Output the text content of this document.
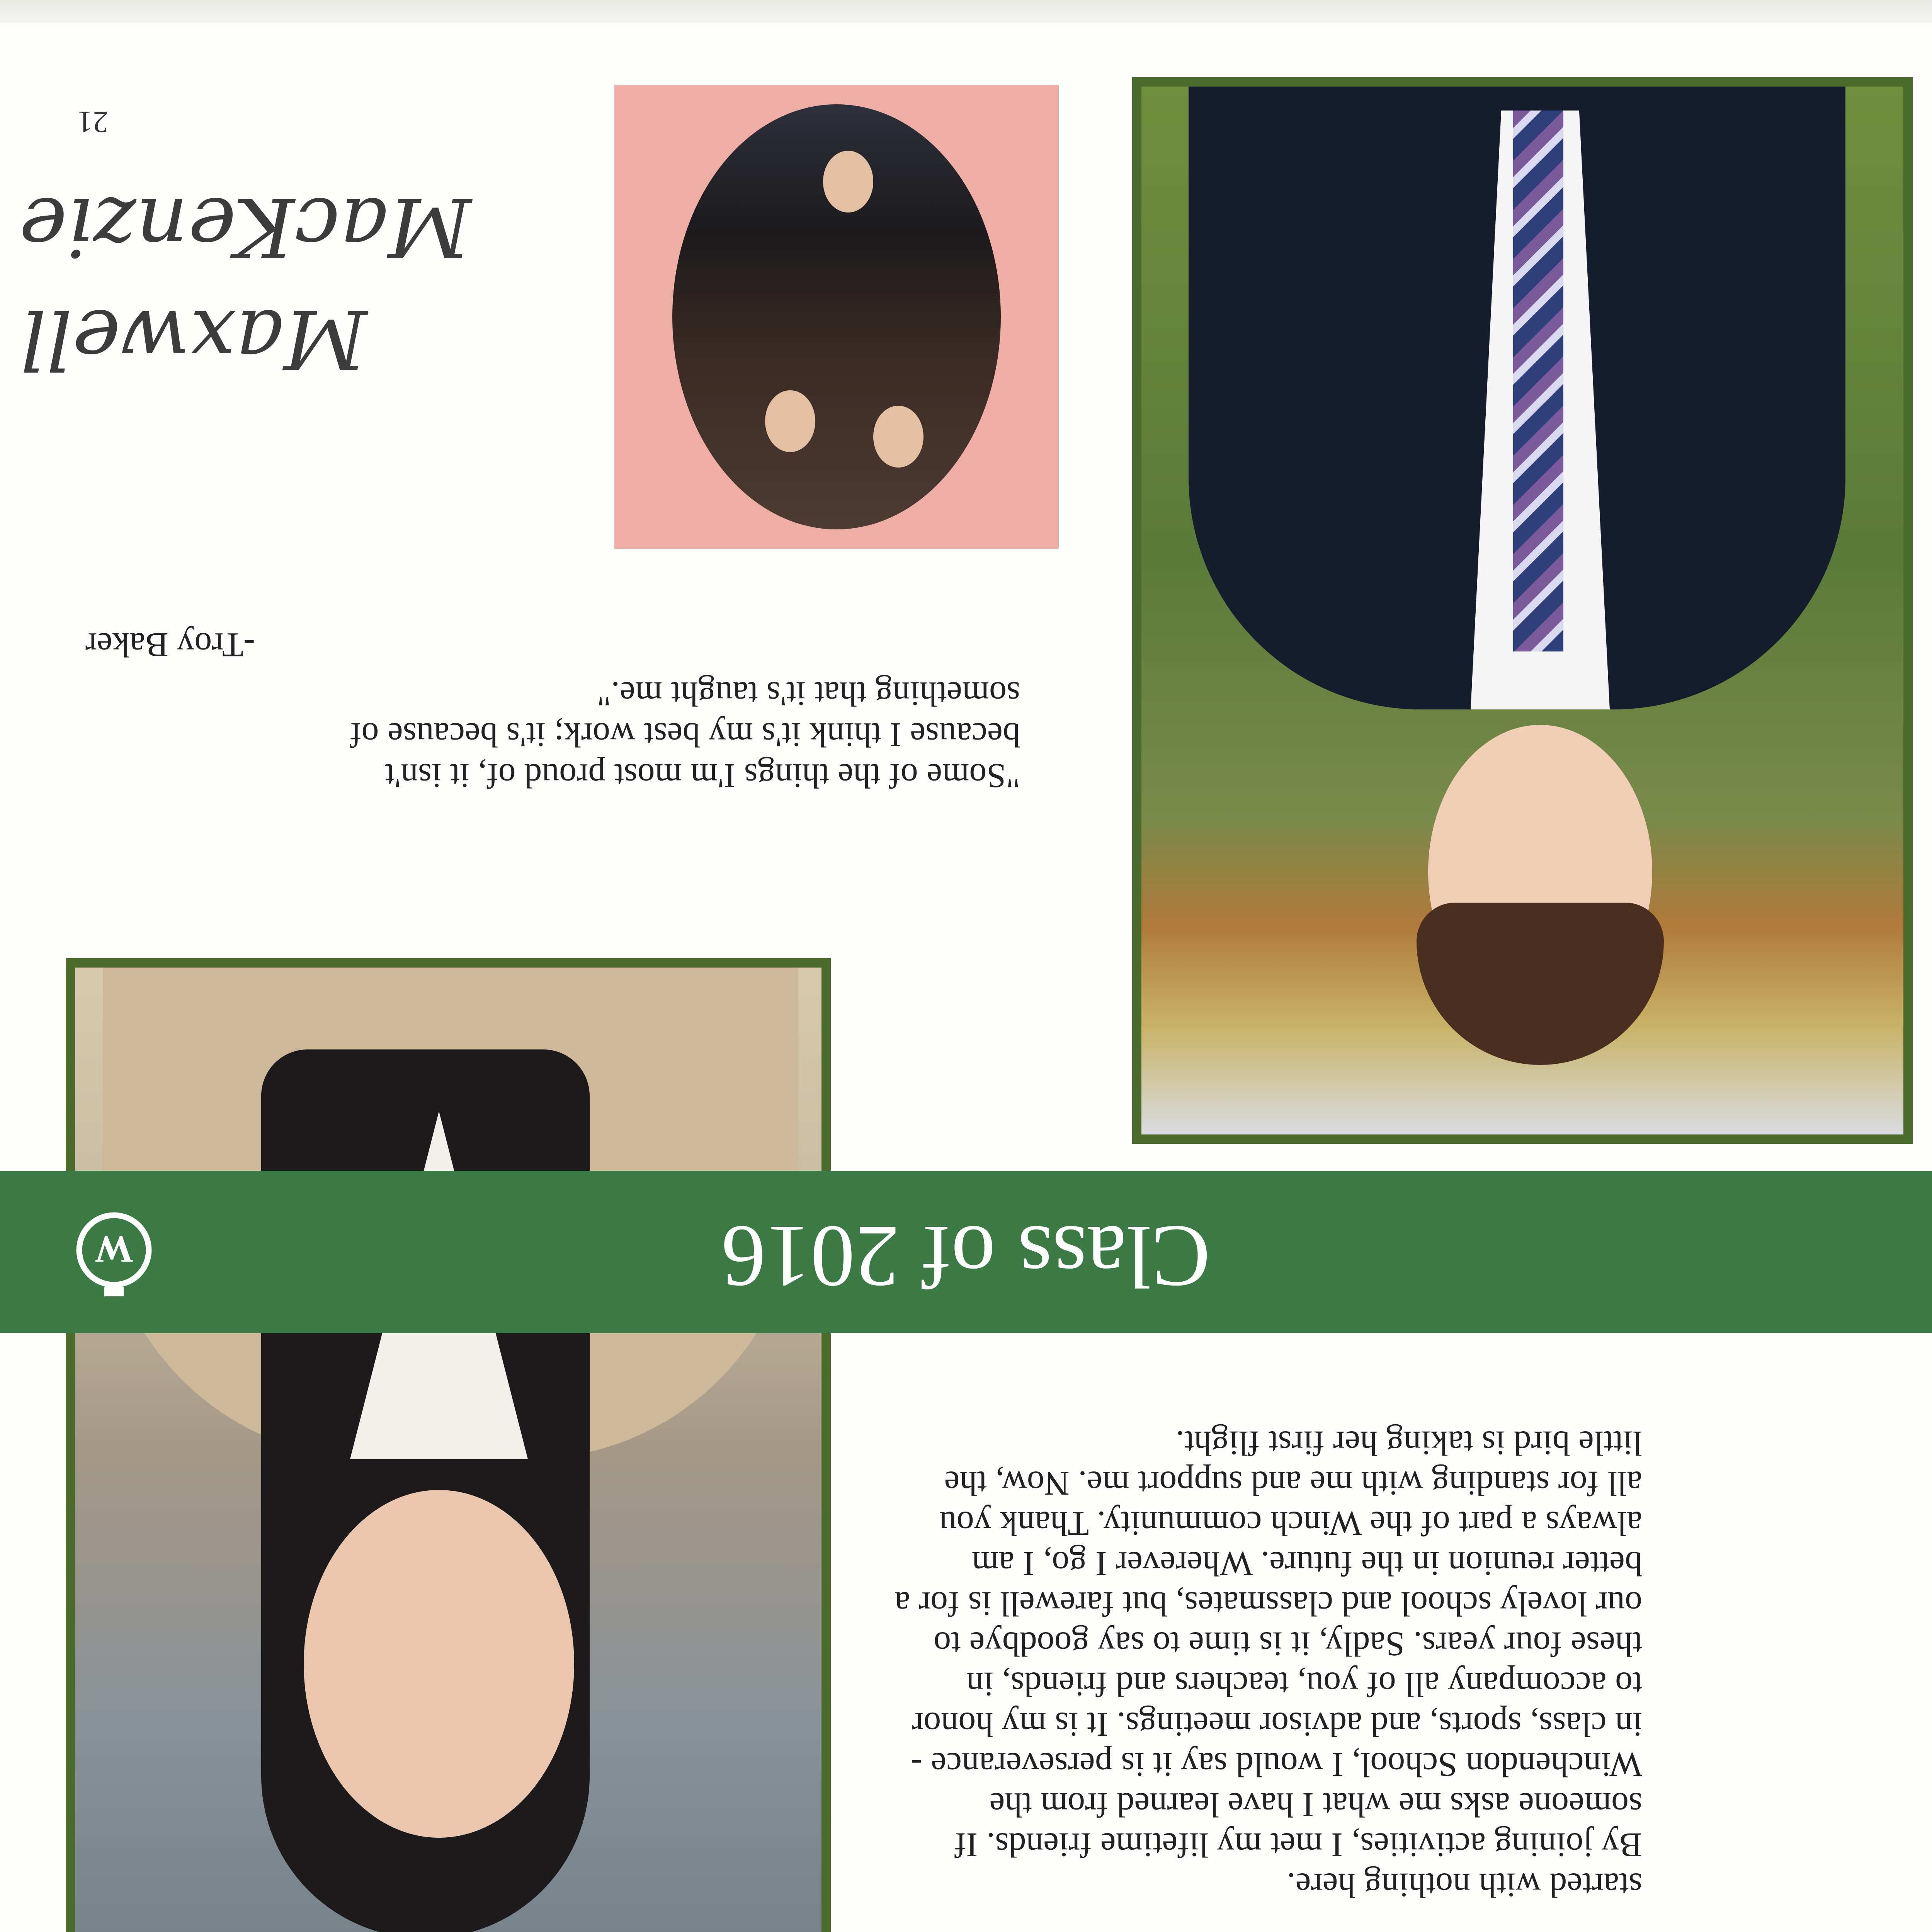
started with nothing here.

By joining activities, I met my lifetime friends. If

someone asks me what I have learned from the

Winchendon School, I would say it is perseverance -

in class, sports, and advisor meetings. It is my honor

to accompany all of you, teachers and friends, in

these four years. Sadly, it is time to say goodbye to

our lovely school and classmates, but farewell is for a

better reunion in the future. Wherever I go, I am

always a part of the Winch community. Thank you

all for standing with me and support me. Now, the

little bird is taking her first flight.

Class of 2016
W

"Some of the things I'm most proud of, it isn't

because I think it's my best work; it's because of

something that it's taught me."

-Troy Baker
Maxwell
MacKenzie
21
